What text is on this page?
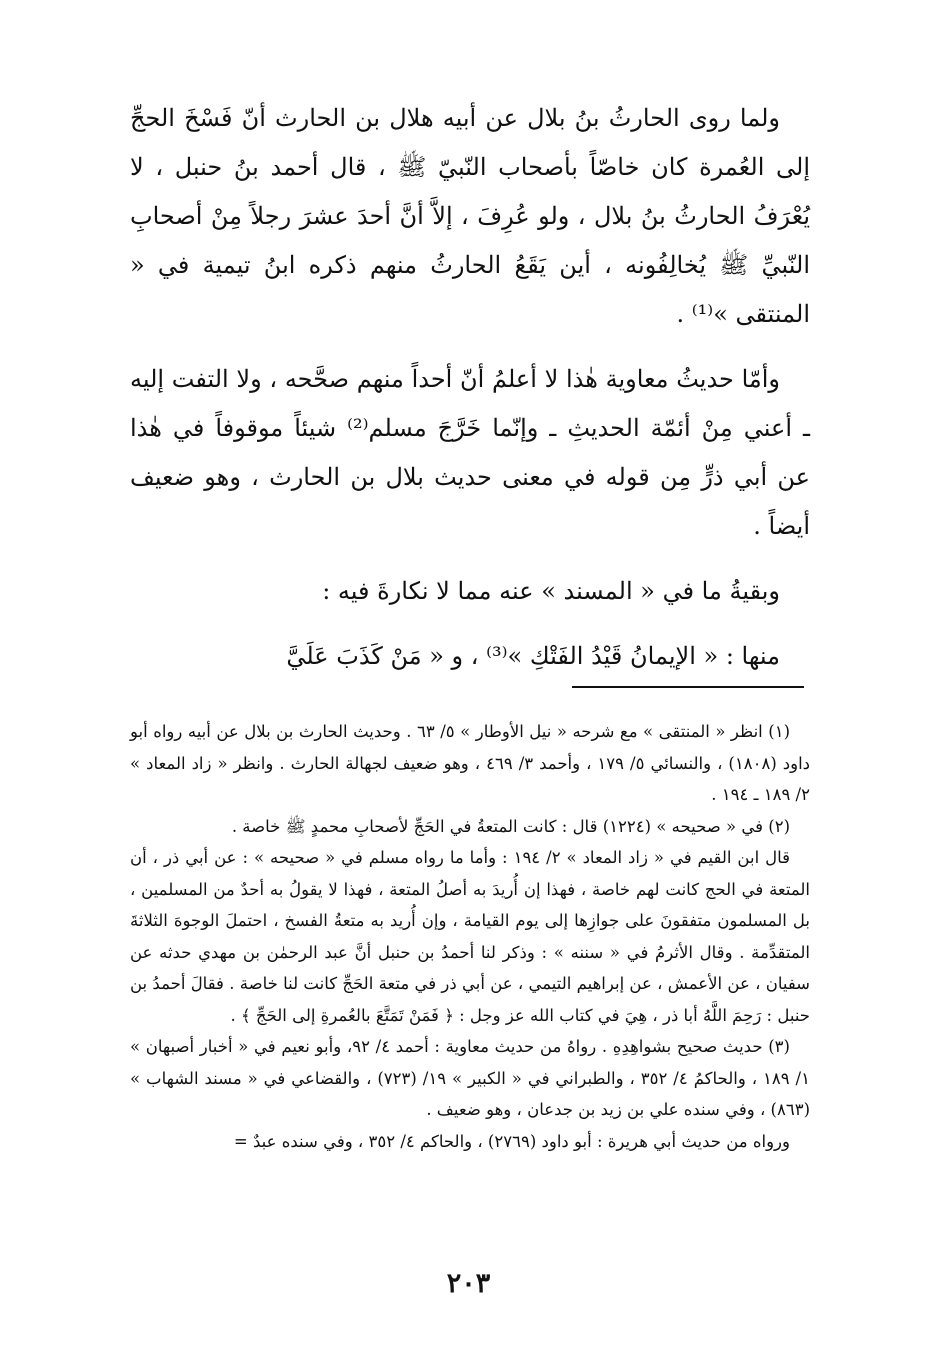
ولما روى الحارثُ بنُ بلال عن أبيه هلال بن الحارث أنّ فَسْخَ الحجِّ إلى العُمرة كان خاصّاً بأصحاب النّبيّ ﷺ ، قال أحمد بنُ حنبل ، لا يُعْرَفُ الحارثُ بنُ بلال ، ولو عُرِفَ ، إلاَّ أنَّ أحدَ عشرَ رجلاً مِنْ أصحابِ النّبيِّ ﷺ يُخالِفُونه ، أين يَقَعُ الحارثُ منهم ذكره ابنُ تيمية في « المنتقى »⁽¹⁾ .

وأمّا حديثُ معاوية هٰذا لا أعلمُ أنّ أحداً منهم صحَّحه ، ولا التفت إليه ـ أعني مِنْ أئمّة الحديثِ ـ وإنّما خَرَّجَ مسلم⁽²⁾ شيئاً موقوفاً في هٰذا عن أبي ذرٍّ مِن قوله في معنى حديث بلال بن الحارث ، وهو ضعيف أيضاً .

وبقيةُ ما في « المسند » عنه مما لا نكارةَ فيه :

منها : « الإيمانُ قَيْدُ الفَتْكِ »⁽³⁾ ، و « مَنْ كَذَبَ عَلَيَّ

(١) انظر « المنتقى » مع شرحه « نيل الأوطار » ٥/ ٦٣ . وحديث الحارث بن بلال عن أبيه رواه أبو داود (١٨٠٨) ، والنسائي ٥/ ١٧٩ ، وأحمد ٣/ ٤٦٩ ، وهو ضعيف لجهالة الحارث . وانظر « زاد المعاد » ٢/ ١٨٩ ـ ١٩٤ .

(٢) في « صحيحه » (١٢٢٤) قال : كانت المتعةُ في الحَجِّ لأصحابِ محمدٍ ﷺ خاصة .

قال ابن القيم في « زاد المعاد » ٢/ ١٩٤ : وأما ما رواه مسلم في « صحيحه » : عن أبي ذر ، أن المتعة في الحج كانت لهم خاصة ، فهذا إن أُريدَ به أصلُ المتعة ، فهذا لا يقولُ به أحدٌ من المسلمين ، بل المسلمون متفقونَ على جوازِها إلى يوم القيامة ، وإن أُريد به متعةُ الفسخ ، احتملَ الوجوهَ الثلاثةَ المتقدِّمة . وقال الأثرمُ في « سننه » : وذكر لنا أحمدُ بن حنبل أنَّ عبد الرحمٰن بن مهدي حدثه عن سفيان ، عن الأعمش ، عن إبراهيم التيمي ، عن أبي ذر في متعة الحَجِّ كانت لنا خاصة . فقالَ أحمدُ بن حنبل : رَحِمَ اللَّهُ أبا ذر ، هِيَ في كتاب الله عز وجل : ﴿ فَمَنْ تَمَتَّعَ بالعُمرةِ إلى الحَجِّ ﴾ .

(٣) حديث صحيح بشواهِدِهِ . رواهُ من حديث معاوية : أحمد ٤/ ٩٢، وأبو نعيم في « أخبار أصبهان » ١/ ١٨٩ ، والحاكمُ ٤/ ٣٥٢ ، والطبراني في « الكبير » ١٩/ (٧٢٣) ، والقضاعي في « مسند الشهاب » (٨٦٣) ، وفي سنده علي بن زيد بن جدعان ، وهو ضعيف .

ورواه من حديث أبي هريرة : أبو داود (٢٧٦٩) ، والحاكم ٤/ ٣٥٢ ، وفي سنده عبدٌ =

٢٠٣
